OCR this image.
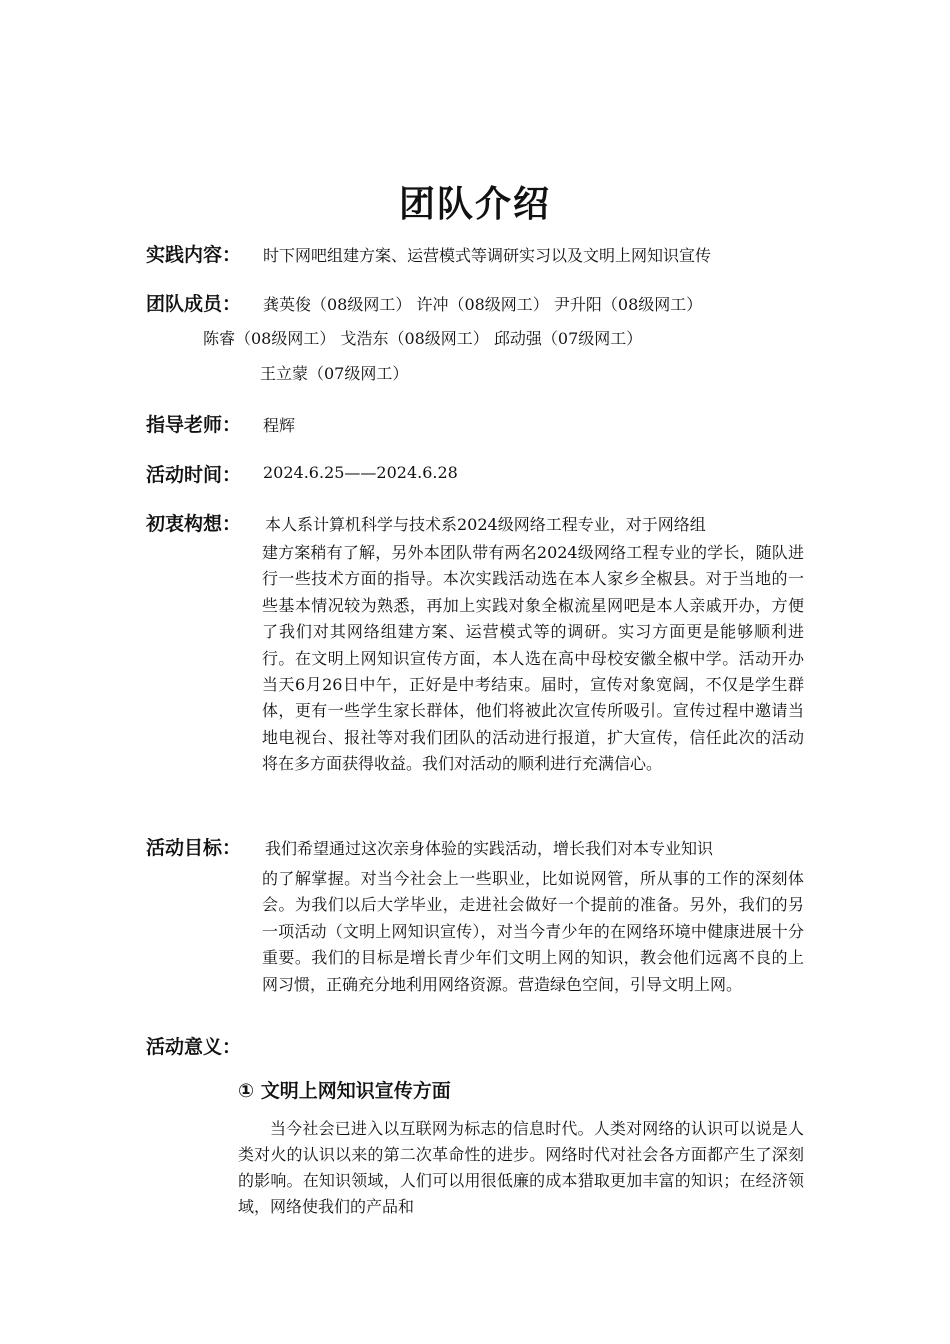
团队介绍
实践内容： 时下网吧组建方案、运营模式等调研实习以及文明上网知识宣传
团队成员： 龚英俊（08级网工） 许冲（08级网工） 尹升阳（08级网工）
陈睿（08级网工） 戈浩东（08级网工） 邱动强（07级网工）
王立蒙（07级网工）
指导老师： 程辉
活动时间： 2024.6.25——2024.6.28
初衷构想： 本人系计算机科学与技术系2024级网络工程专业，对于网络组
建方案稍有了解，另外本团队带有两名2024级网络工程专业的学长，随队进行一些技术方面的指导。本次实践活动选在本人家乡全椒县。对于当地的一些基本情况较为熟悉，再加上实践对象全椒流星网吧是本人亲戚开办，方便了我们对其网络组建方案、运营模式等的调研。实习方面更是能够顺利进行。在文明上网知识宣传方面，本人选在高中母校安徽全椒中学。活动开办当天6月26日中午，正好是中考结束。届时，宣传对象宽阔，不仅是学生群体，更有一些学生家长群体，他们将被此次宣传所吸引。宣传过程中邀请当地电视台、报社等对我们团队的活动进行报道，扩大宣传，信任此次的活动将在多方面获得收益。我们对活动的顺利进行充满信心。
活动目标： 我们希望通过这次亲身体验的实践活动，增长我们对本专业知识
的了解掌握。对当今社会上一些职业，比如说网管，所从事的工作的深刻体会。为我们以后大学毕业，走进社会做好一个提前的准备。另外，我们的另一项活动（文明上网知识宣传），对当今青少年的在网络环境中健康进展十分重要。我们的目标是增长青少年们文明上网的知识，教会他们远离不良的上网习惯，正确充分地利用网络资源。营造绿色空间，引导文明上网。
活动意义：
① 文明上网知识宣传方面
当今社会已进入以互联网为标志的信息时代。人类对网络的认识可以说是人类对火的认识以来的第二次革命性的进步。网络时代对社会各方面都产生了深刻的影响。在知识领域，人们可以用很低廉的成本猎取更加丰富的知识；在经济领域，网络使我们的产品和
